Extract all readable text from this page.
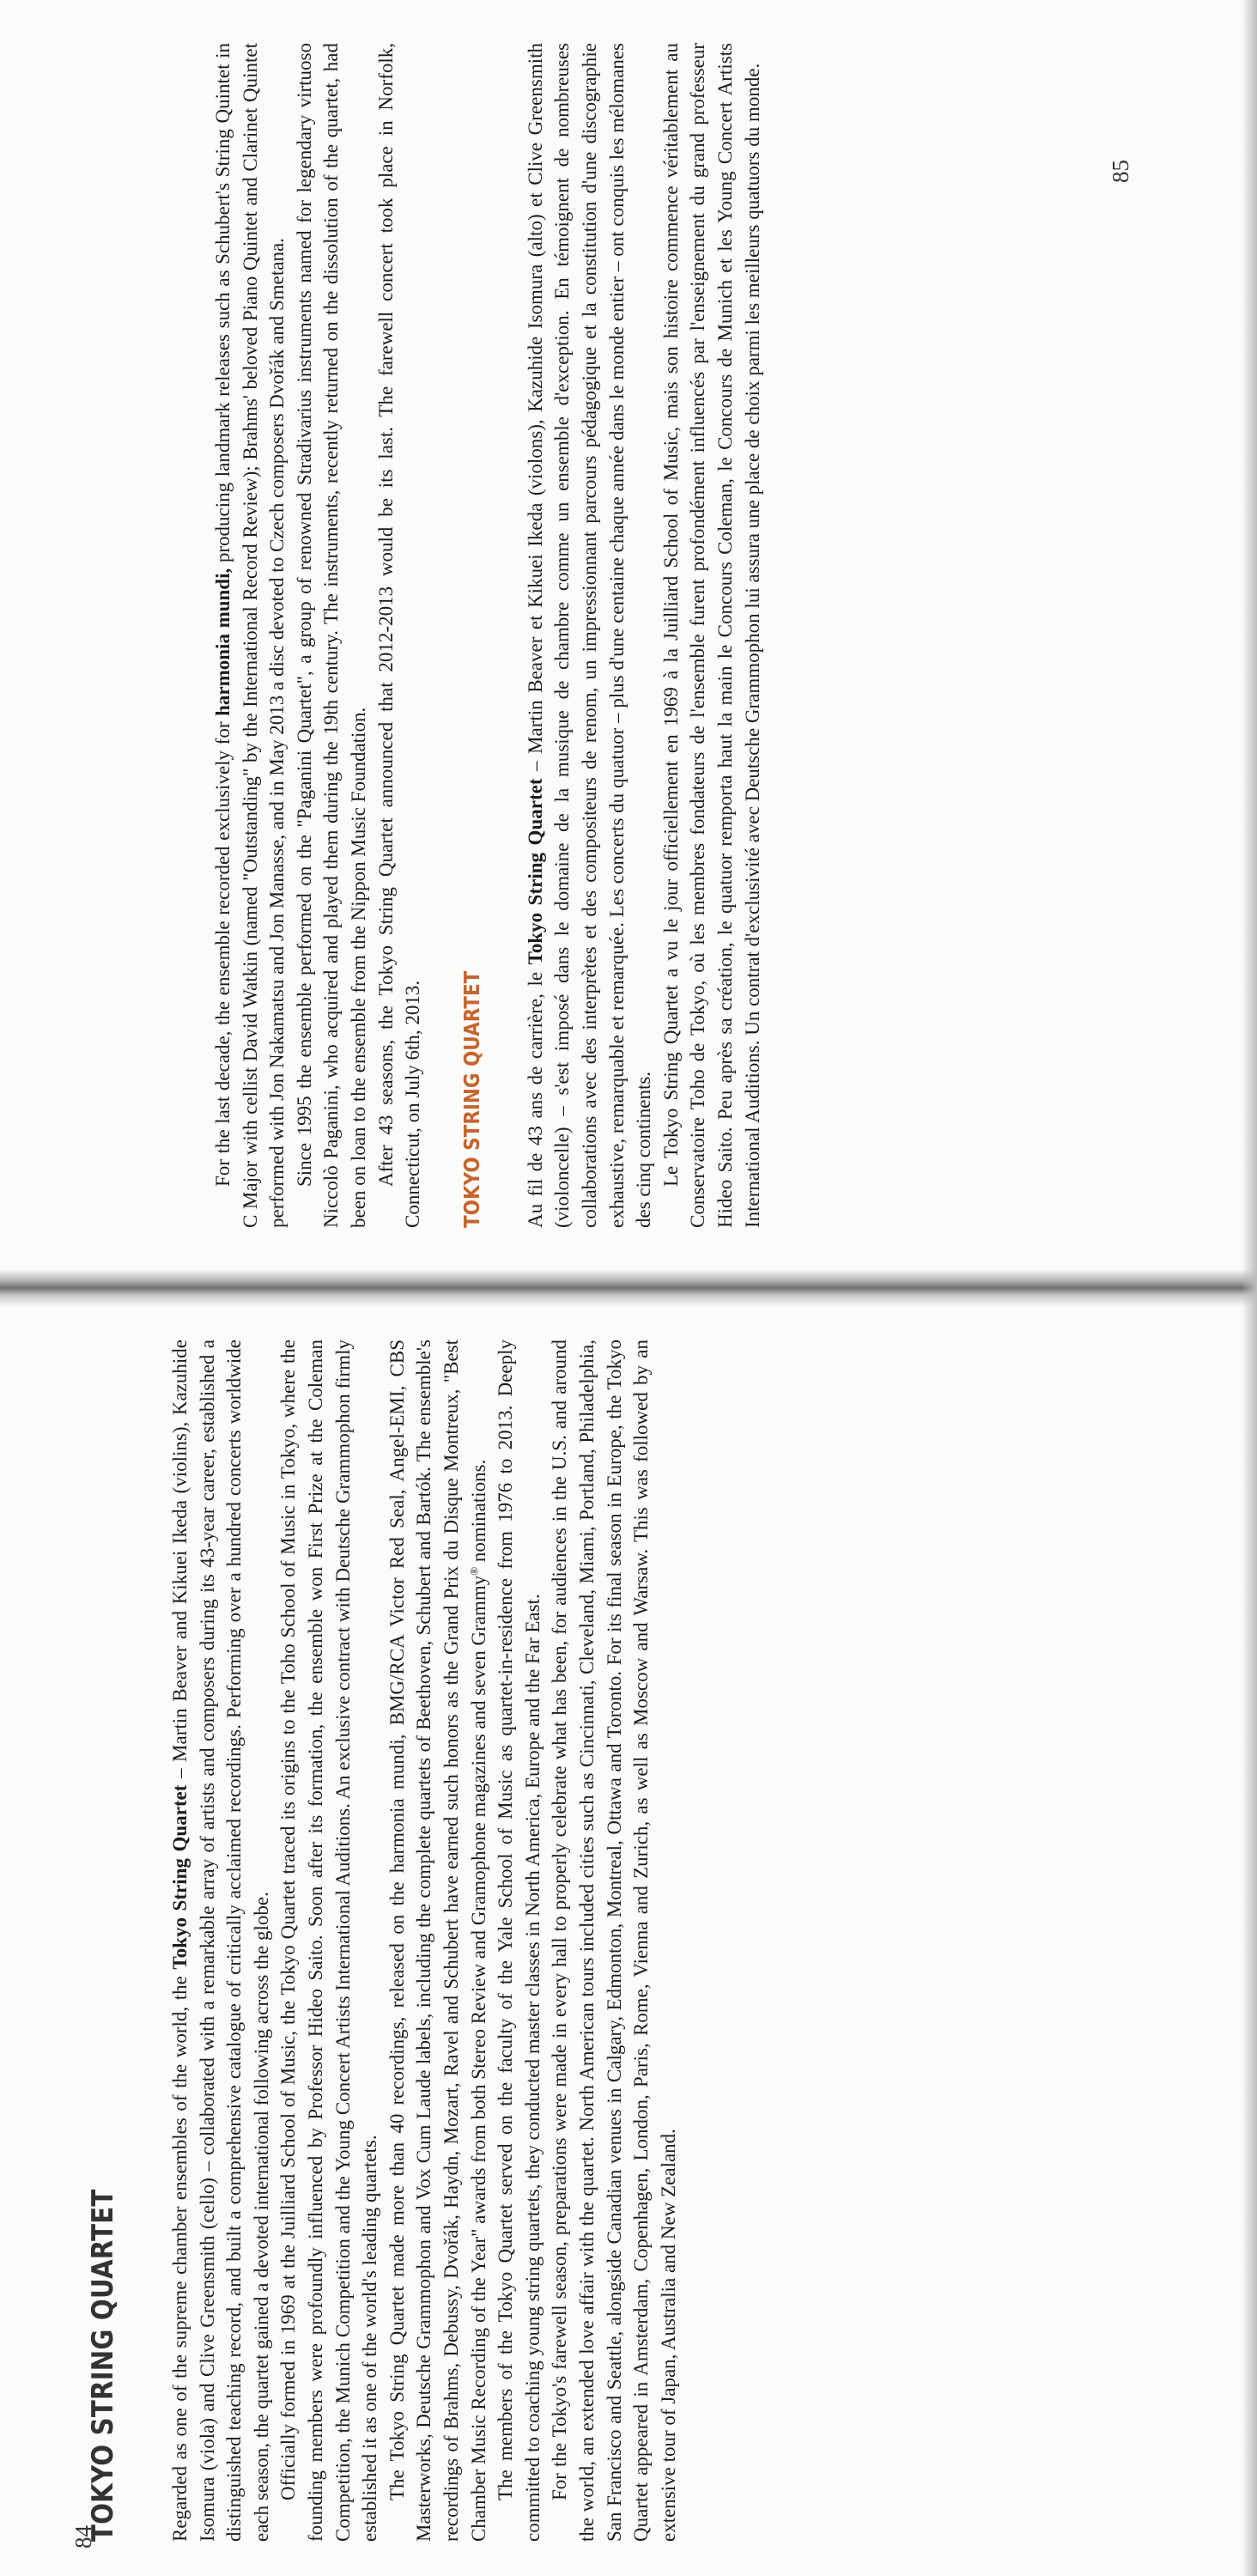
For the last decade, the ensemble recorded exclusively for harmonia mundi, producing landmark releases such as Schubert's String Quintet in C Major with cellist David Watkin (named "Outstanding" by the International Record Review); Brahms' beloved Piano Quintet and Clarinet Quintet performed with Jon Nakamatsu and Jon Manasse, and in May 2013 a disc devoted to Czech composers Dvořák and Smetana. Since 1995 the ensemble performed on the "Paganini Quartet", a group of renowned Stradivarius instruments named for legendary virtuoso Niccolò Paganini, who acquired and played them during the 19th century. The instruments, recently returned on the dissolution of the quartet, had been on loan to the ensemble from the Nippon Music Foundation. After 43 seasons, the Tokyo String Quartet announced that 2012-2013 would be its last. The farewell concert took place in Norfolk, Connecticut, on July 6th, 2013. TOKYO STRING QUARTET Au fil de 43 ans de carrière, le Tokyo String Quartet – Martin Beaver et Kikuei Ikeda (violons), Kazuhide Isomura (alto) et Clive Greensmith (violoncelle) – s'est imposé dans le domaine de la musique de chambre comme un ensemble d'exception. En témoignent de nombreuses collaborations avec des interprètes et des compositeurs de renom, un impressionnant parcours pédagogique et la constitution d'une discographie exhaustive, remarquable et remarquée. Les concerts du quatuor – plus d'une centaine chaque année dans le monde entier – ont conquis les mélomanes des cinq continents. Le Tokyo String Quartet a vu le jour officiellement en 1969 à la Juilliard School of Music, mais son histoire commence véritablement au Conservatoire Toho de Tokyo, où les membres fondateurs de l'ensemble furent profondément influencés par l'enseignement du grand professeur Hideo Saito. Peu après sa création, le quatuor remporta haut la main le Concours Coleman, le Concours de Munich et les Young Concert Artists International Auditions. Un contrat d'exclusivité avec Deutsche Grammophon lui assura une place de choix parmi les meilleurs quatuors du monde.

TOKYO STRING QUARTET Regarded as one of the supreme chamber ensembles of the world, the Tokyo String Quartet – Martin Beaver and Kikuei Ikeda (violins), Kazuhide Isomura (viola) and Clive Greensmith (cello) – collaborated with a remarkable array of artists and composers during its 43-year career, established a distinguished teaching record, and built a comprehensive catalogue of critically acclaimed recordings. Performing over a hundred concerts worldwide each season, the quartet gained a devoted international following across the globe. Officially formed in 1969 at the Juilliard School of Music, the Tokyo Quartet traced its origins to the Toho School of Music in Tokyo, where the founding members were profoundly influenced by Professor Hideo Saito. Soon after its formation, the ensemble won First Prize at the Coleman Competition, the Munich Competition and the Young Concert Artists International Auditions. An exclusive contract with Deutsche Grammophon firmly established it as one of the world's leading quartets. The Tokyo String Quartet made more than 40 recordings, released on the harmonia mundi, BMG/RCA Victor Red Seal, Angel-EMI, CBS Masterworks, Deutsche Grammophon and Vox Cum Laude labels, including the complete quartets of Beethoven, Schubert and Bartók. The ensemble's recordings of Brahms, Debussy, Dvořák, Haydn, Mozart, Ravel and Schubert have earned such honors as the Grand Prix du Disque Montreux, "Best Chamber Music Recording of the Year" awards from both Stereo Review and Gramophone magazines and seven Grammy® nominations. The members of the Tokyo Quartet served on the faculty of the Yale School of Music as quartet-in-residence from 1976 to 2013. Deeply committed to coaching young string quartets, they conducted master classes in North America, Europe and the Far East. For the Tokyo's farewell season, preparations were made in every hall to properly celebrate what has been, for audiences in the U.S. and around the world, an extended love affair with the quartet. North American tours included cities such as Cincinnati, Cleveland, Miami, Portland, Philadelphia, San Francisco and Seattle, alongside Canadian venues in Calgary, Edmonton, Montreal, Ottawa and Toronto. For its final season in Europe, the Tokyo Quartet appeared in Amsterdam, Copenhagen, London, Paris, Rome, Vienna and Zurich, as well as Moscow and Warsaw. This was followed by an extensive tour of Japan, Australia and New Zealand.

84
85
